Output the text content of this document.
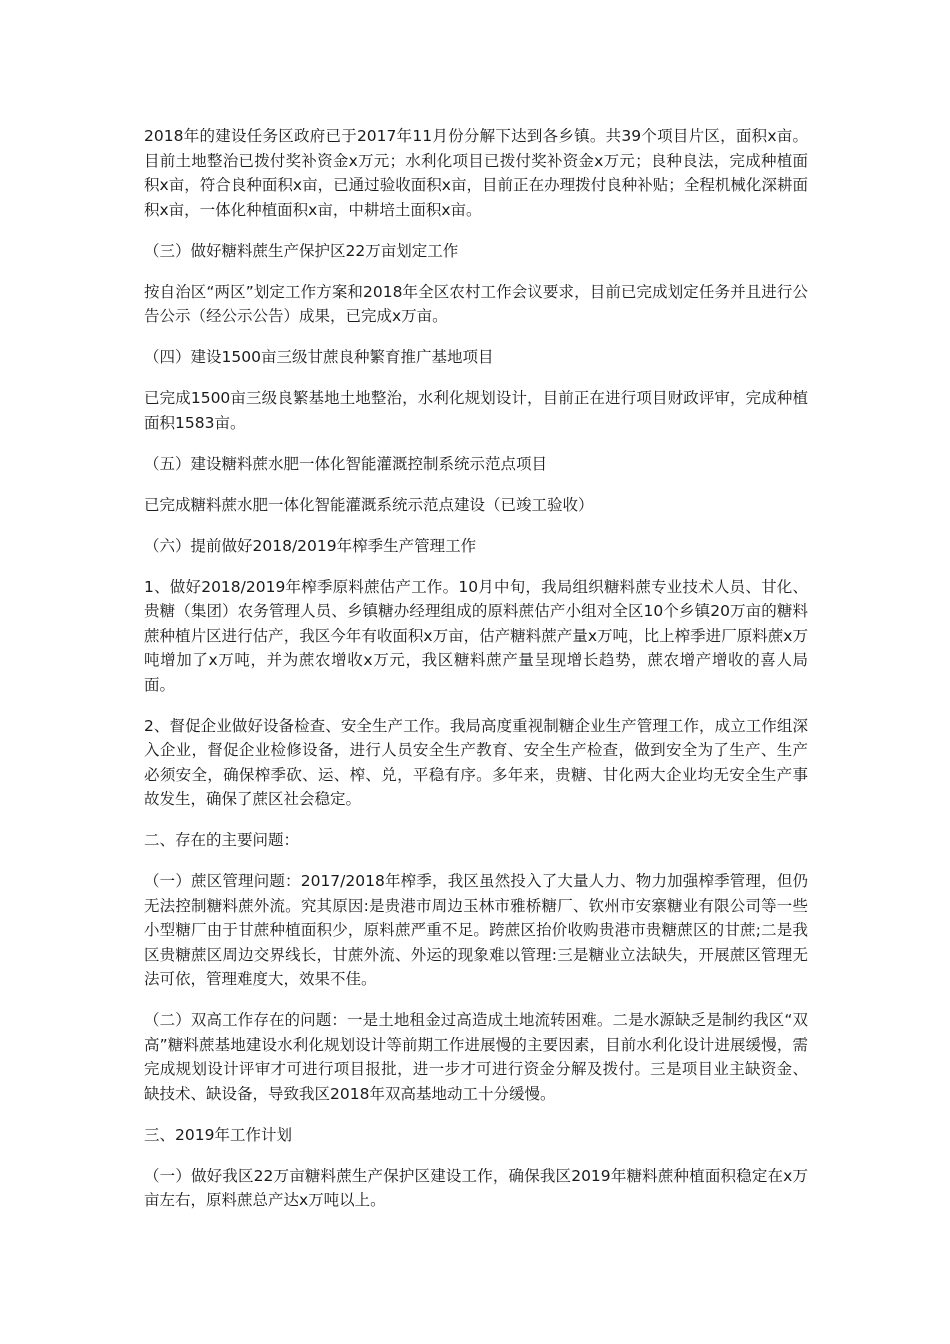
2018年的建设任务区政府已于2017年11月份分解下达到各乡镇。共39个项目片区，面积x亩。目前土地整治已拨付奖补资金x万元；水利化项目已拨付奖补资金x万元；良种良法，完成种植面积x亩，符合良种面积x亩，已通过验收面积x亩，目前正在办理拨付良种补贴；全程机械化深耕面积x亩，一体化种植面积x亩，中耕培土面积x亩。

（三）做好糖料蔗生产保护区22万亩划定工作

按自治区“两区”划定工作方案和2018年全区农村工作会议要求，目前已完成划定任务并且进行公告公示（经公示公告）成果，已完成x万亩。

（四）建设1500亩三级甘蔗良种繁育推广基地项目

已完成1500亩三级良繁基地土地整治，水利化规划设计，目前正在进行项目财政评审，完成种植面积1583亩。

（五）建设糖料蔗水肥一体化智能灌溉控制系统示范点项目

已完成糖料蔗水肥一体化智能灌溉系统示范点建设（已竣工验收）

（六）提前做好2018/2019年榨季生产管理工作

1、做好2018/2019年榨季原料蔗估产工作。10月中旬，我局组织糖料蔗专业技术人员、甘化、贵糖（集团）农务管理人员、乡镇糖办经理组成的原料蔗估产小组对全区10个乡镇20万亩的糖料蔗种植片区进行估产，我区今年有收面积x万亩，估产糖料蔗产量x万吨，比上榨季进厂原料蔗x万吨增加了x万吨，并为蔗农增收x万元，我区糖料蔗产量呈现增长趋势，蔗农增产增收的喜人局面。

2、督促企业做好设备检查、安全生产工作。我局高度重视制糖企业生产管理工作，成立工作组深入企业，督促企业检修设备，进行人员安全生产教育、安全生产检查，做到安全为了生产、生产必须安全，确保榨季砍、运、榨、兑，平稳有序。多年来，贵糖、甘化两大企业均无安全生产事故发生，确保了蔗区社会稳定。

二、存在的主要问题：

（一）蔗区管理问题：2017/2018年榨季，我区虽然投入了大量人力、物力加强榨季管理，但仍无法控制糖料蔗外流。究其原因:是贵港市周边玉林市雅桥糖厂、钦州市安寨糖业有限公司等一些小型糖厂由于甘蔗种植面积少，原料蔗严重不足。跨蔗区抬价收购贵港市贵糖蔗区的甘蔗;二是我区贵糖蔗区周边交界线长，甘蔗外流、外运的现象难以管理:三是糖业立法缺失，开展蔗区管理无法可依，管理难度大，效果不佳。

（二）双高工作存在的问题：一是土地租金过高造成土地流转困难。二是水源缺乏是制约我区“双高”糖料蔗基地建设水利化规划设计等前期工作进展慢的主要因素，目前水利化设计进展缓慢，需完成规划设计评审才可进行项目报批，进一步才可进行资金分解及拨付。三是项目业主缺资金、缺技术、缺设备，导致我区2018年双高基地动工十分缓慢。

三、2019年工作计划

（一）做好我区22万亩糖料蔗生产保护区建设工作，确保我区2019年糖料蔗种植面积稳定在x万亩左右，原料蔗总产达x万吨以上。
